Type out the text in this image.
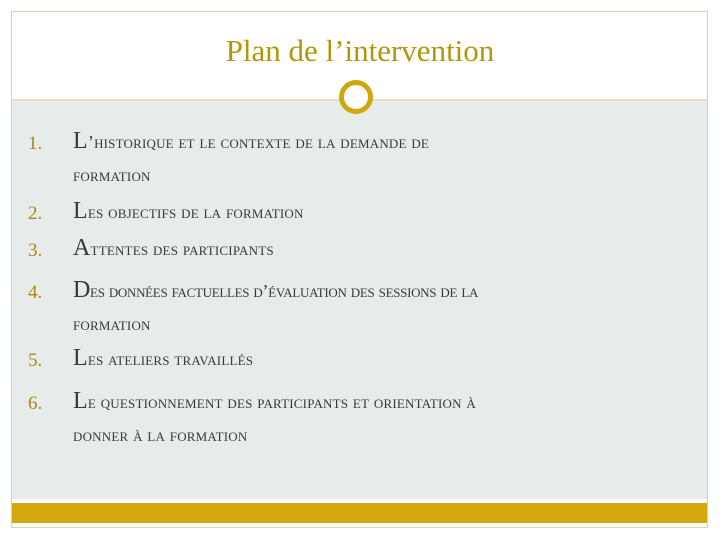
Plan de l’intervention
1. L’historique et le contexte de la demande de
formation
2. Les objectifs de la formation
3. Attentes des participants
4. Des données factuelles d’évaluation des sessions de la
formation
5. Les ateliers travaillés
6. Le questionnement des participants et orientation à
donner à la formation
